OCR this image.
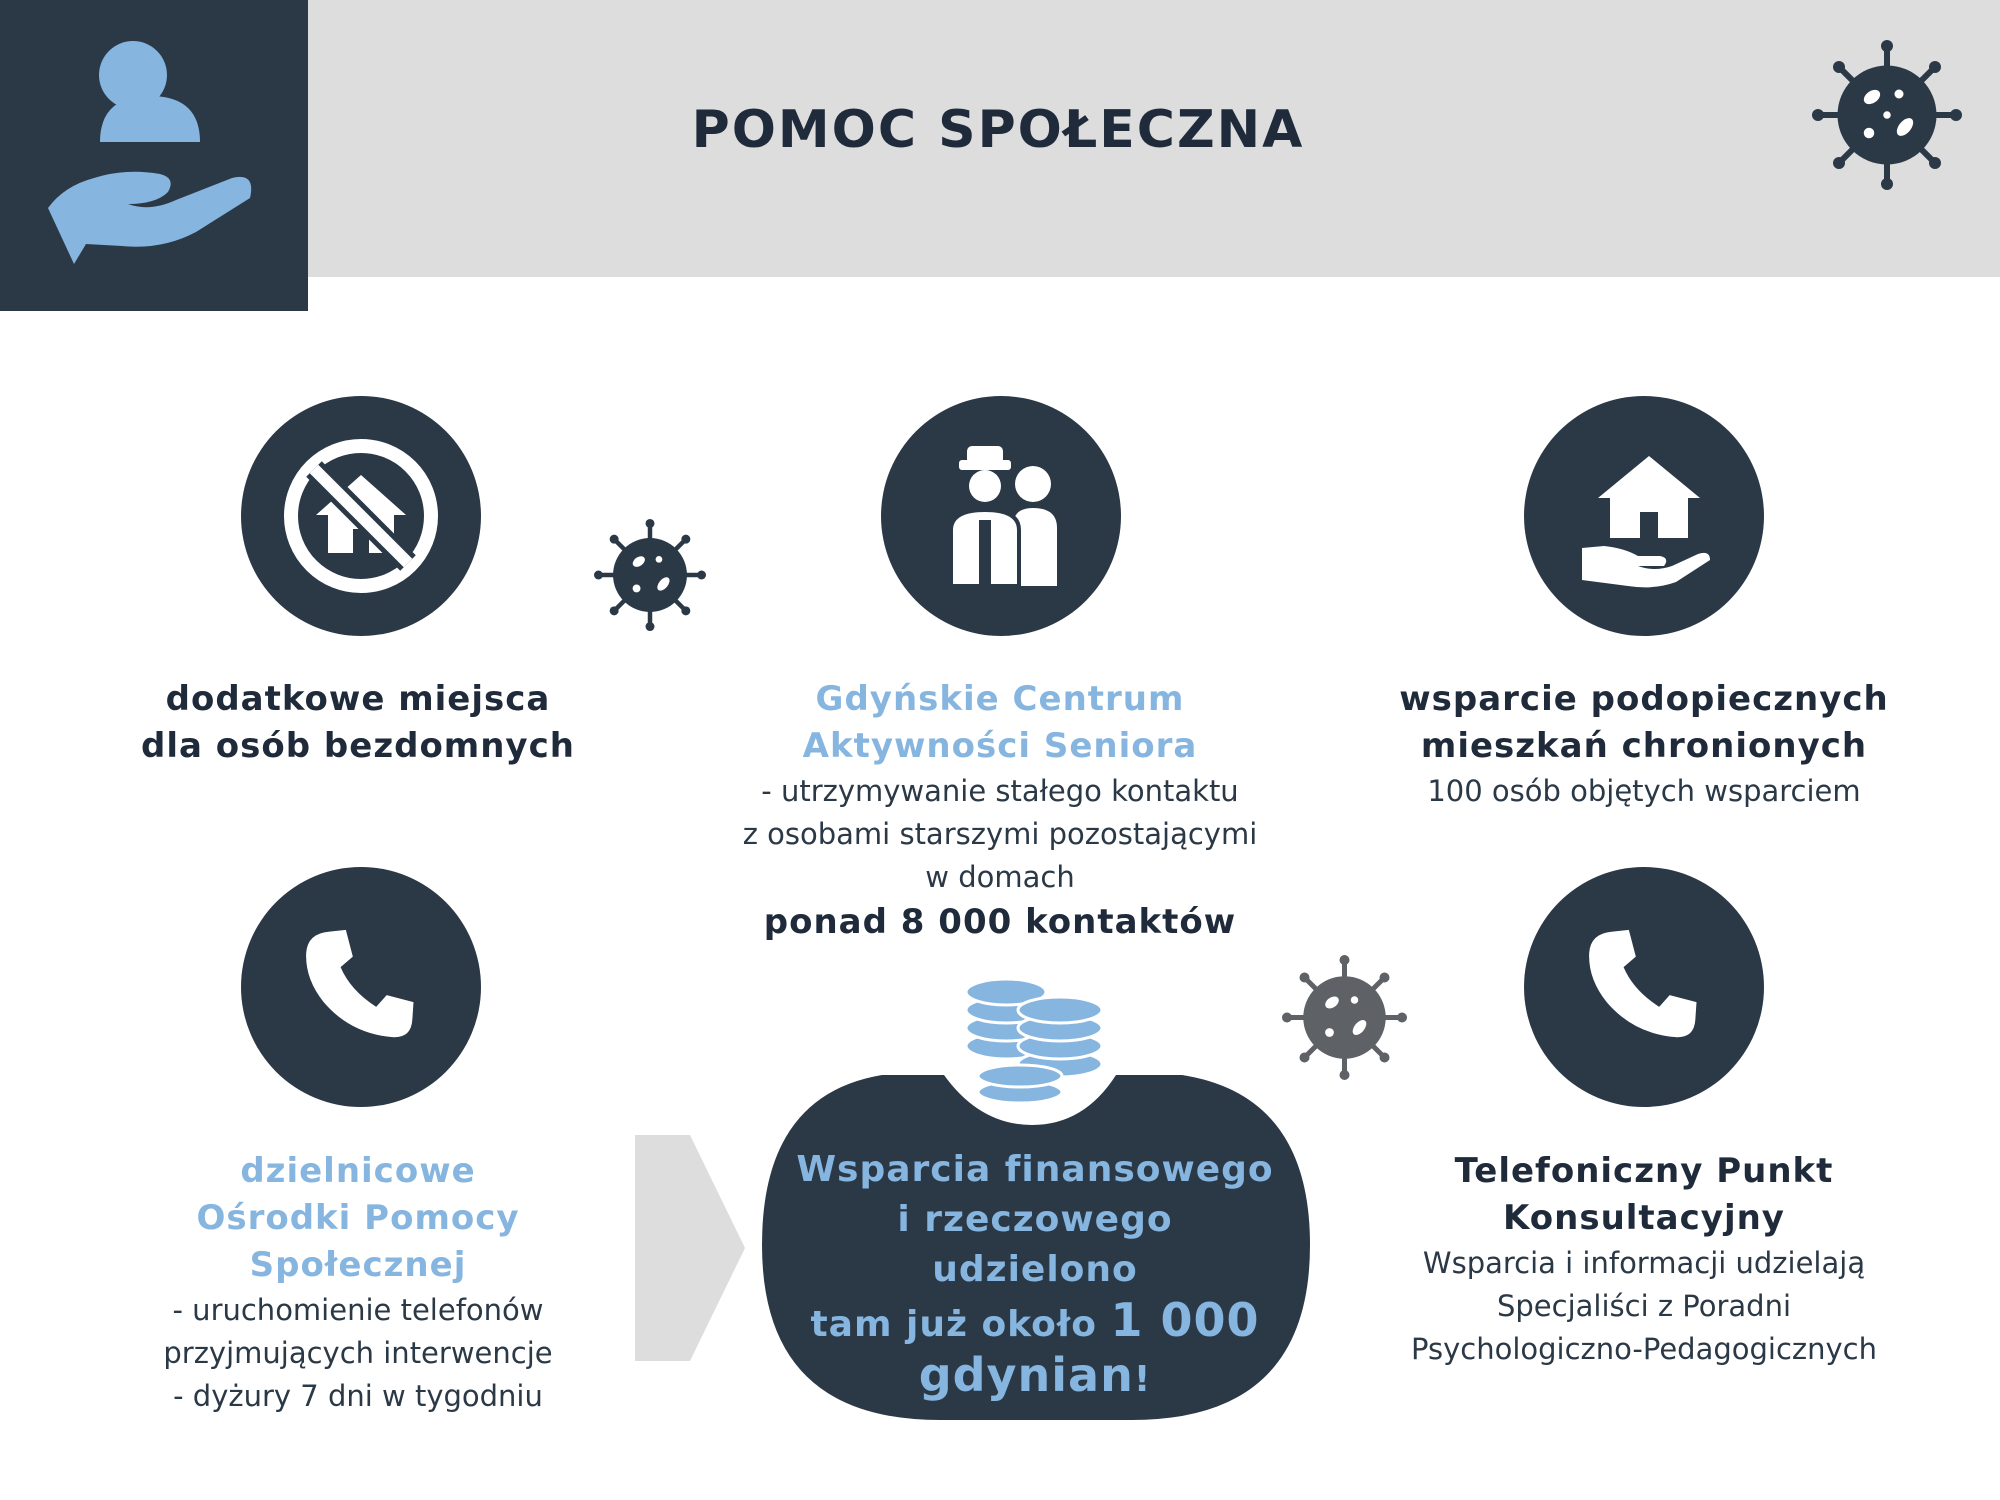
POMOC SPOŁECZNA
dodatkowe miejsca
dla osób bezdomnych
Gdyńskie Centrum
Aktywności Seniora
- utrzymywanie stałego kontaktu
z osobami starszymi pozostającymi
w domach
ponad 8 000 kontaktów
wsparcie podopiecznych
mieszkań chronionych
100 osób objętych wsparciem
dzielnicowe
Ośrodki Pomocy Społecznej
- uruchomienie telefonów
przyjmujących interwencje
- dyżury 7 dni w tygodniu
Telefoniczny Punkt
Konsultacyjny
Wsparcia i informacji udzielają
Specjaliści z Poradni
Psychologiczno-Pedagogicznych
Wsparcia finansowego
i rzeczowego udzielono
tam już około 1 000
gdynian!
